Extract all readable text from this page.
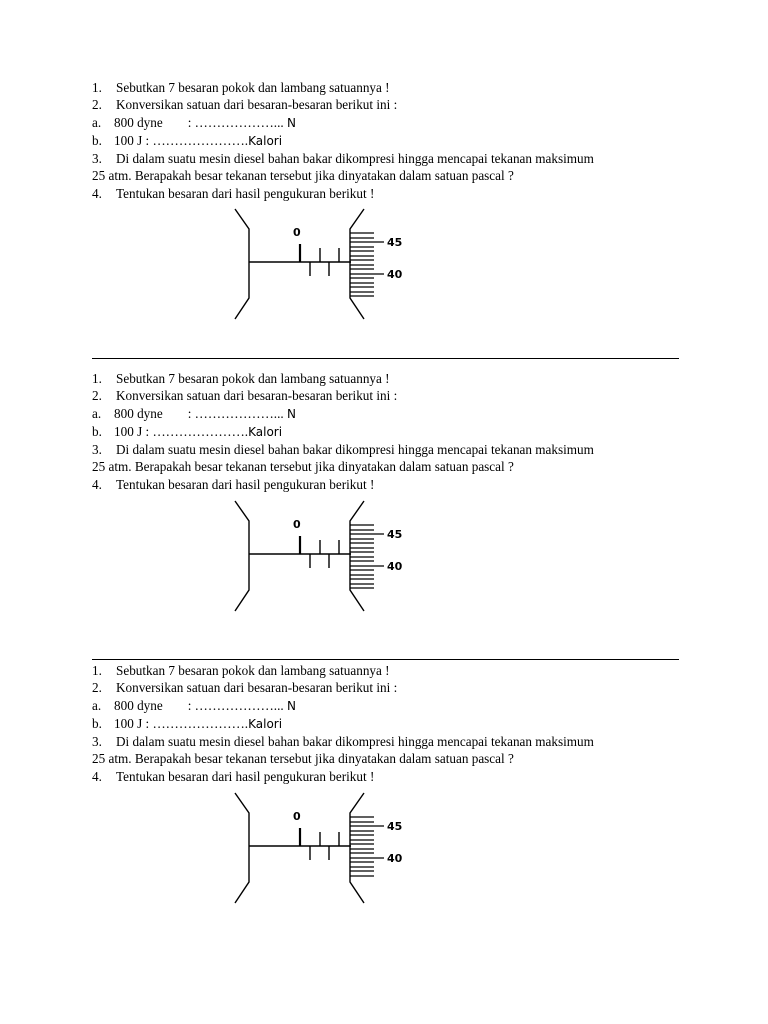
1. Sebutkan 7 besaran pokok dan lambang satuannya !
2. Konversikan satuan dari besaran-besaran berikut ini :
a. 800 dyne : ………………... N
b. 100 J : ………………….Kalori
3. Di dalam suatu mesin diesel bahan bakar dikompresi hingga mencapai tekanan maksimum
25 atm. Berapakah besar tekanan tersebut jika dinyatakan dalam satuan pascal ?
4. Tentukan besaran dari hasil pengukuran berikut !
0
45
40
1. Sebutkan 7 besaran pokok dan lambang satuannya !
2. Konversikan satuan dari besaran-besaran berikut ini :
a. 800 dyne : ………………... N
b. 100 J : ………………….Kalori
3. Di dalam suatu mesin diesel bahan bakar dikompresi hingga mencapai tekanan maksimum
25 atm. Berapakah besar tekanan tersebut jika dinyatakan dalam satuan pascal ?
4. Tentukan besaran dari hasil pengukuran berikut !
0
45
40
1. Sebutkan 7 besaran pokok dan lambang satuannya !
2. Konversikan satuan dari besaran-besaran berikut ini :
a. 800 dyne : ………………... N
b. 100 J : ………………….Kalori
3. Di dalam suatu mesin diesel bahan bakar dikompresi hingga mencapai tekanan maksimum
25 atm. Berapakah besar tekanan tersebut jika dinyatakan dalam satuan pascal ?
4. Tentukan besaran dari hasil pengukuran berikut !
0
45
40
